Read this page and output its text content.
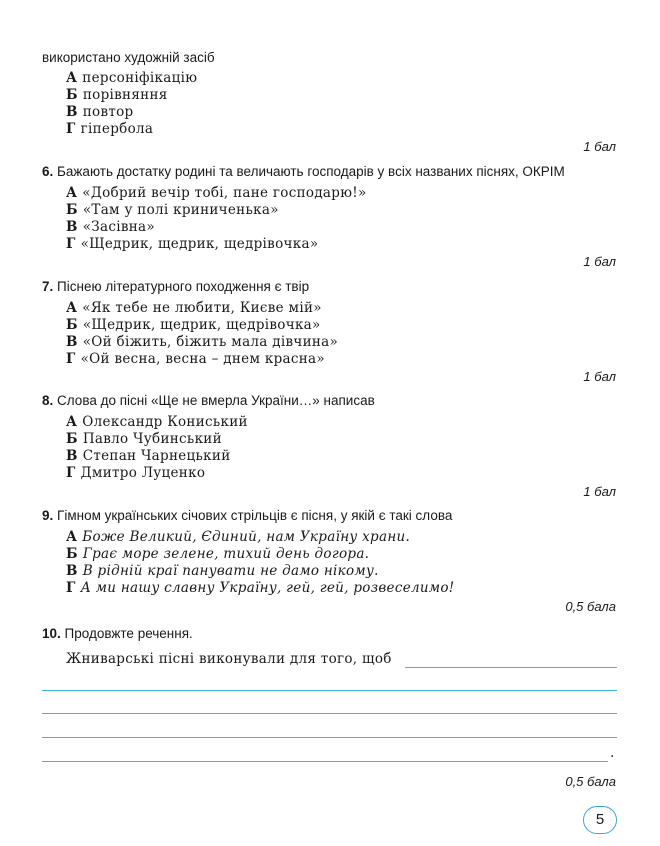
використано художній засіб
А персоніфікацію
Б порівняння
В повтор
Г гіпербола
1 бал
6. Бажають достатку родині та величають господарів у всіх названих піснях, ОКРІМ
А «Добрий вечір тобі, пане господарю!»
Б «Там у полі криниченька»
В «Засівна»
Г «Щедрик, щедрик, щедрівочка»
1 бал
7. Піснею літературного походження є твір
А «Як тебе не любити, Києве мій»
Б «Щедрик, щедрик, щедрівочка»
В «Ой біжить, біжить мала дівчина»
Г «Ой весна, весна – днем красна»
1 бал
8. Слова до пісні «Ще не вмерла України…» написав
А Олександр Кониський
Б Павло Чубинський
В Степан Чарнецький
Г Дмитро Луценко
1 бал
9. Гімном українських січових стрільців є пісня, у якій є такі слова
А Боже Великий, Єдиний, нам Україну храни.
Б Грає море зелене, тихий день догора.
В В рідній краї панувати не дамо нікому.
Г А ми нашу славну Україну, гей, гей, розвеселимо!
0,5 бала
10. Продовжте речення.
Жниварські пісні виконували для того, щоб
.
0,5 бала
5
